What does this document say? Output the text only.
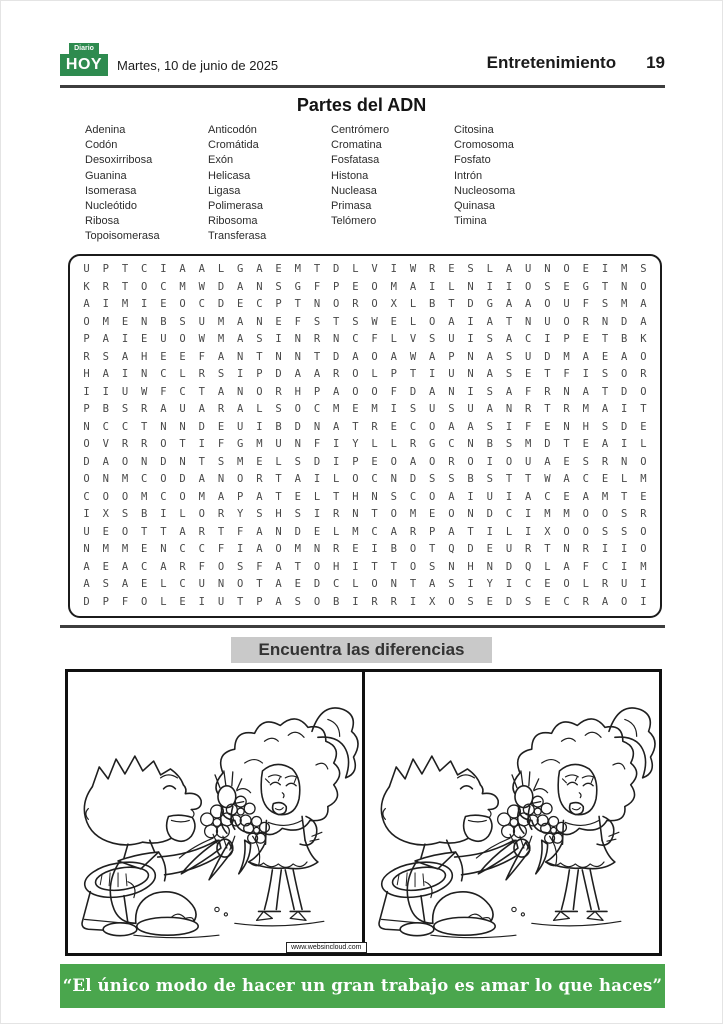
Diario
HOY	Martes, 10 de junio de 2025	Entretenimiento 19
Partes del ADN
Adenina
Codón
Desoxirribosa
Guanina
Isomerasa
Nucleótido
Ribosa
Topoisomerasa
Anticodón
Cromátida
Exón
Helicasa
Ligasa
Polimerasa
Ribosoma
Transferasa
Centrómero
Cromatina
Fosfatasa
Histona
Nucleasa
Primasa
Telómero
Citosina
Cromosoma
Fosfato
Intrón
Nucleosoma
Quinasa
Timina
U	P	T	C	I	A	A	L	G	A	E	M	T	D	L	V	I	W	R	E	S	L	A	U	N	O	E	I	M	S
K	R	T	O	C	M	W	D	A	N	S	G	F	P	E	O	M	A	I	L	N	I	I	O	S	E	G	T	N	O
A	I	M	I	E	O	C	D	E	C	P	T	N	O	R	O	X	L	B	T	D	G	A	A	O	U	F	S	M	A
O	M	E	N	B	S	U	M	A	N	E	F	S	T	S	W	E	L	O	A	I	A	T	N	U	O	R	N	D	A
P	A	I	E	U	O	W	M	A	S	I	N	R	N	C	F	L	V	S	U	I	S	A	C	I	P	E	T	B	K
R	S	A	H	E	E	F	A	N	T	N	N	T	D	A	O	A	W	A	P	N	A	S	U	D	M	A	E	A	O
H	A	I	N	C	L	R	S	I	P	D	A	A	R	O	L	P	T	I	U	N	A	S	E	T	F	I	S	O	R
I	I	U	W	F	C	T	A	N	O	R	H	P	A	O	O	F	D	A	N	I	S	A	F	R	N	A	T	D	O
P	B	S	R	A	U	A	R	A	L	S	O	C	M	E	M	I	S	U	S	U	A	N	R	T	R	M	A	I	T
N	C	C	T	N	N	D	E	U	I	B	D	N	A	T	R	E	C	O	A	A	S	I	F	E	N	H	S	D	E
O	V	R	R	O	T	I	F	G	M	U	N	F	I	Y	L	L	R	G	C	N	B	S	M	D	T	E	A	I	L
D	A	O	N	D	N	T	S	M	E	L	S	D	I	P	E	O	A	O	R	O	I	O	U	A	E	S	R	N	O
O	N	M	C	O	D	A	N	O	R	T	A	I	L	O	C	N	D	S	S	B	S	T	T	W	A	C	E	L	M
C	O	O	M	C	O	M	A	P	A	T	E	L	T	H	N	S	C	O	A	I	U	I	A	C	E	A	M	T	E
I	X	S	B	I	L	O	R	Y	S	H	S	I	R	N	T	O	M	E	O	N	D	C	I	M	M	O	O	S	R
U	E	O	T	T	A	R	T	F	A	N	D	E	L	M	C	A	R	P	A	T	I	L	I	X	O	O	S	S	O
N	M	M	E	N	C	C	F	I	A	O	M	N	R	E	I	B	O	T	Q	D	E	U	R	T	N	R	I	I	O
A	E	A	C	A	R	F	O	S	F	A	T	O	H	I	T	T	O	S	N	H	N	D	Q	L	A	F	C	I	M
A	S	A	E	L	C	U	N	O	T	A	E	D	C	L	O	N	T	A	S	I	Y	I	C	E	O	L	R	U	I
D	P	F	O	L	E	I	U	T	P	A	S	O	B	I	R	R	I	X	O	S	E	D	S	E	C	R	A	O	I
Encuentra las diferencias
www.websincloud.com
“El único modo de hacer un gran trabajo es amar lo que haces”
